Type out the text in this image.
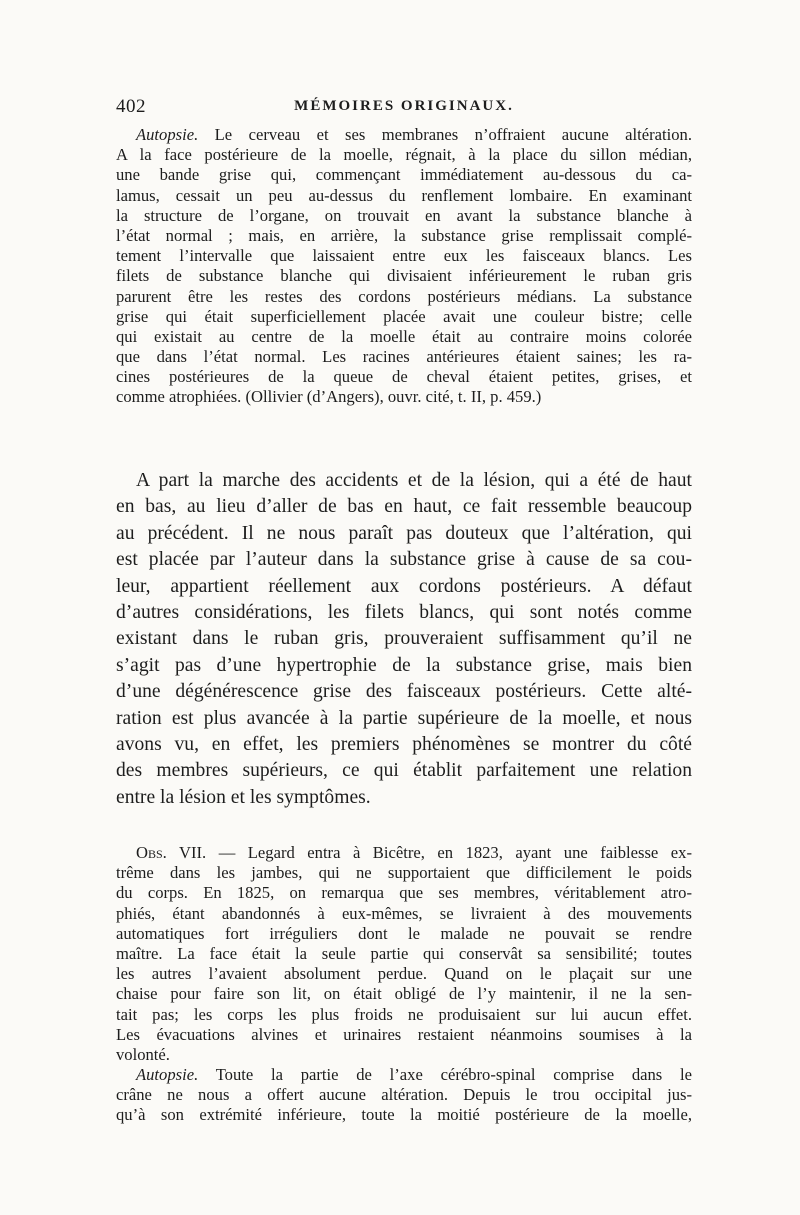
402	MÉMOIRES ORIGINAUX.
Autopsie. Le cerveau et ses membranes n’offraient aucune altération.
A la face postérieure de la moelle, régnait, à la place du sillon médian,
une bande grise qui, commençant immédiatement au-dessous du ca-
lamus, cessait un peu au-dessus du renflement lombaire. En examinant
la structure de l’organe, on trouvait en avant la substance blanche à
l’état normal ; mais, en arrière, la substance grise remplissait complé-
tement l’intervalle que laissaient entre eux les faisceaux blancs. Les
filets de substance blanche qui divisaient inférieurement le ruban gris
parurent être les restes des cordons postérieurs médians. La substance
grise qui était superficiellement placée avait une couleur bistre; celle
qui existait au centre de la moelle était au contraire moins colorée
que dans l’état normal. Les racines antérieures étaient saines; les ra-
cines postérieures de la queue de cheval étaient petites, grises, et
comme atrophiées. (Ollivier (d’Angers), ouvr. cité, t. II, p. 459.)
A part la marche des accidents et de la lésion, qui a été de haut
en bas, au lieu d’aller de bas en haut, ce fait ressemble beaucoup
au précédent. Il ne nous paraît pas douteux que l’altération, qui
est placée par l’auteur dans la substance grise à cause de sa cou-
leur, appartient réellement aux cordons postérieurs. A défaut
d’autres considérations, les filets blancs, qui sont notés comme
existant dans le ruban gris, prouveraient suffisamment qu’il ne
s’agit pas d’une hypertrophie de la substance grise, mais bien
d’une dégénérescence grise des faisceaux postérieurs. Cette alté-
ration est plus avancée à la partie supérieure de la moelle, et nous
avons vu, en effet, les premiers phénomènes se montrer du côté
des membres supérieurs, ce qui établit parfaitement une relation
entre la lésion et les symptômes.
Obs. VII. — Legard entra à Bicêtre, en 1823, ayant une faiblesse ex-
trême dans les jambes, qui ne supportaient que difficilement le poids
du corps. En 1825, on remarqua que ses membres, véritablement atro-
phiés, étant abandonnés à eux-mêmes, se livraient à des mouvements
automatiques fort irréguliers dont le malade ne pouvait se rendre
maître. La face était la seule partie qui conservât sa sensibilité; toutes
les autres l’avaient absolument perdue. Quand on le plaçait sur une
chaise pour faire son lit, on était obligé de l’y maintenir, il ne la sen-
tait pas; les corps les plus froids ne produisaient sur lui aucun effet.
Les évacuations alvines et urinaires restaient néanmoins soumises à la
volonté.
Autopsie. Toute la partie de l’axe cérébro-spinal comprise dans le
crâne ne nous a offert aucune altération. Depuis le trou occipital jus-
qu’à son extrémité inférieure, toute la moitié postérieure de la moelle,
